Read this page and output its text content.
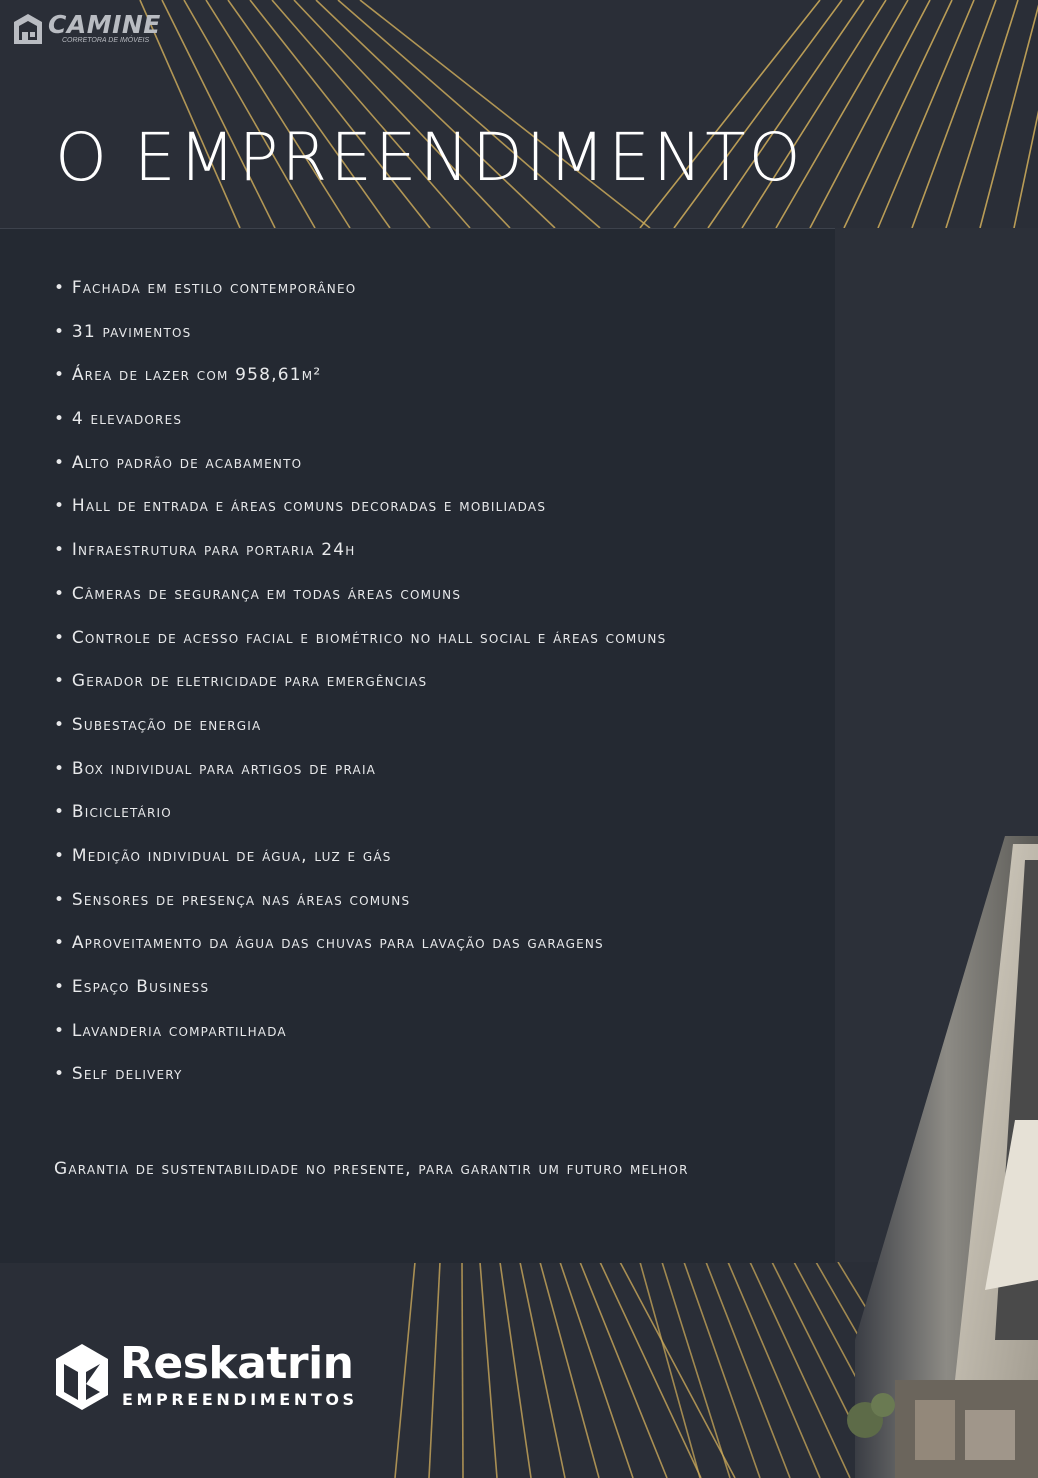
CAMINE
CORRETORA DE IMÓVEIS
O EMPREENDIMENTO
• Fachada em estilo contemporâneo
• 31 pavimentos
• Área de lazer com 958,61m²
• 4 elevadores
• Alto padrão de acabamento
• Hall de entrada e áreas comuns decoradas e mobiliadas
• Infraestrutura para portaria 24h
• Câmeras de segurança em todas áreas comuns
• Controle de acesso facial e biométrico no hall social e áreas comuns
• Gerador de eletricidade para emergências
• Subestação de energia
• Box individual para artigos de praia
• Bicicletário
• Medição individual de água, luz e gás
• Sensores de presença nas áreas comuns
• Aproveitamento da água das chuvas para lavação das garagens
• Espaço Business
• Lavanderia compartilhada
• Self delivery
Garantia de sustentabilidade no presente, para garantir um futuro melhor
Reskatrin
EMPREENDIMENTOS
